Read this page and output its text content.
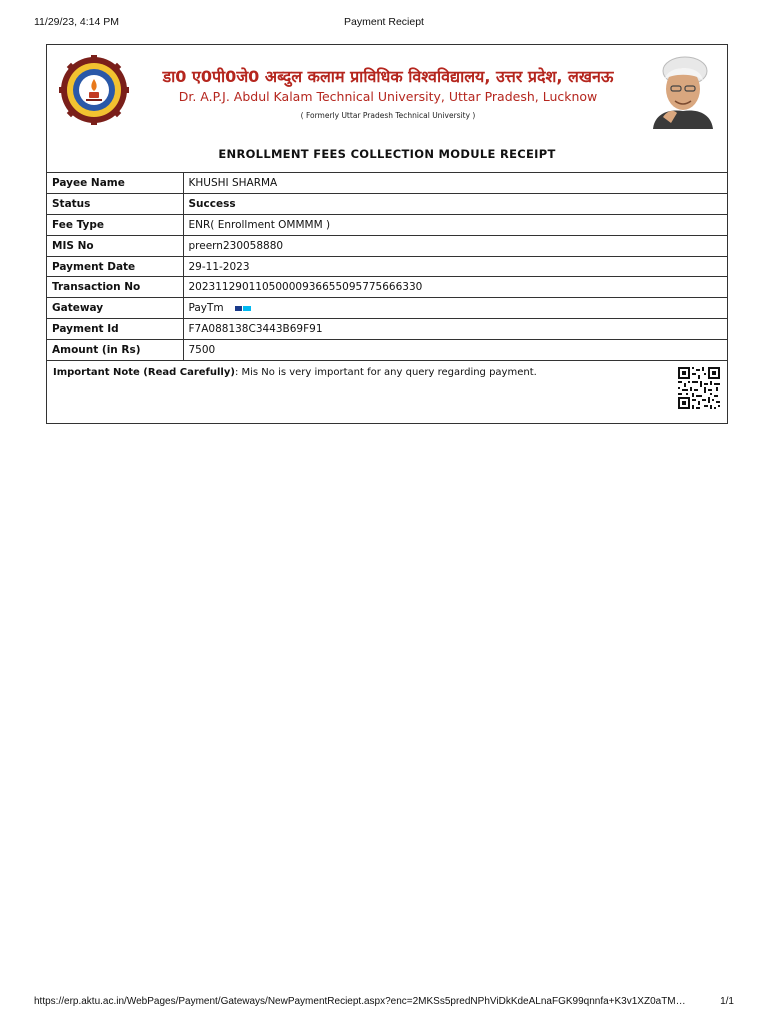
11/29/23, 4:14 PM	Payment Reciept
डा0 ए0पी0जे0 अब्दुल कलाम प्राविधिक विश्वविद्यालय, उत्तर प्रदेश, लखनऊ
Dr. A.P.J. Abdul Kalam Technical University, Uttar Pradesh, Lucknow
( Formerly Uttar Pradesh Technical University )
ENROLLMENT FEES COLLECTION MODULE RECEIPT
Payee Name	KHUSHI SHARMA
Status	Success
Fee Type	ENR( Enrollment OMMMM )
MIS No	preern230058880
Payment Date	29-11-2023
Transaction No	20231129011050000936655095775666330
Gateway	PayTm
Payment Id	F7A088138C3443B69F91
Amount (in Rs)	7500
Important Note (Read Carefully): Mis No is very important for any query regarding payment.
https://erp.aktu.ac.in/WebPages/Payment/Gateways/NewPaymentReciept.aspx?enc=2MKSs5predNPhViDkKdeALnaFGK99qnnfa+K3v1XZ0aTM…	1/1
